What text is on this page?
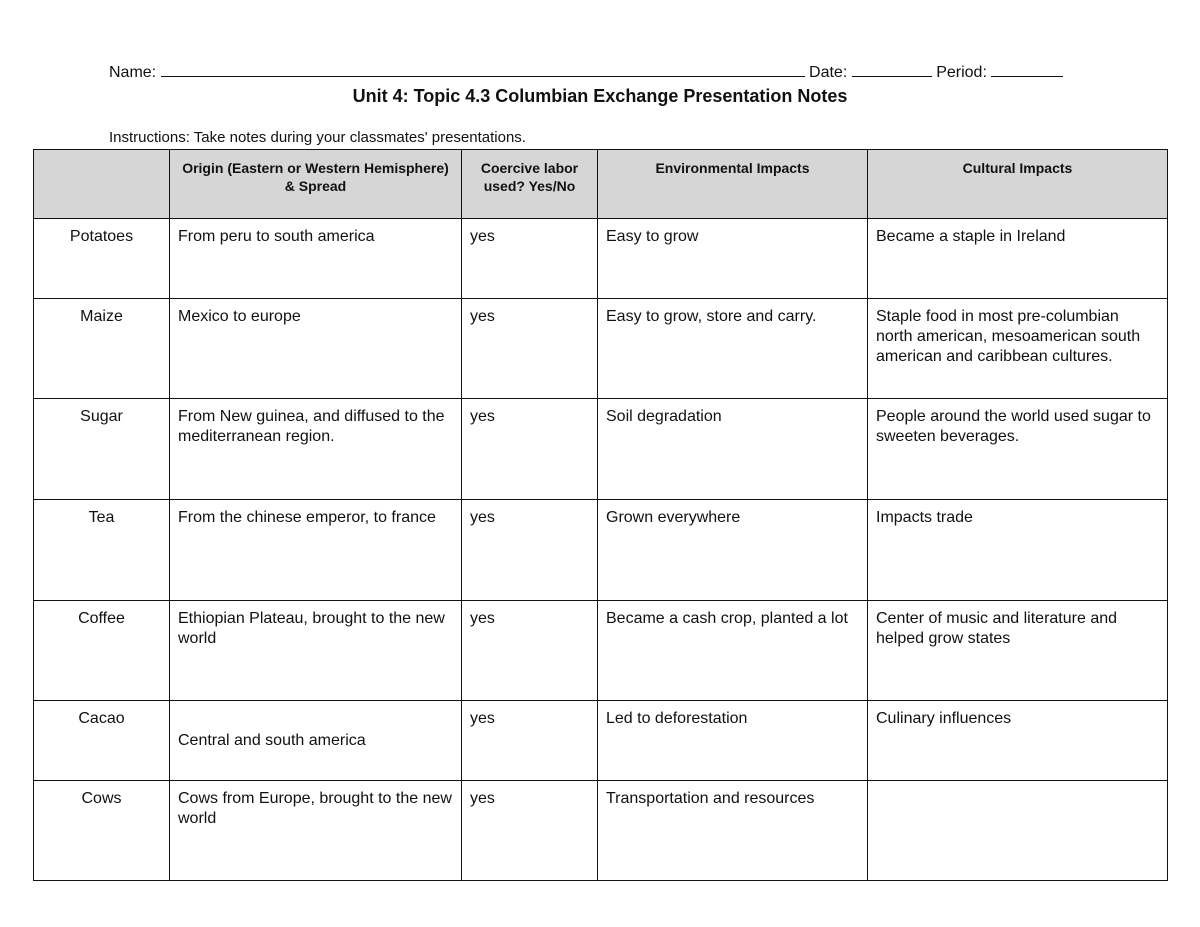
Name:	Date:	Period:
Unit 4: Topic 4.3 Columbian Exchange Presentation Notes
Instructions: Take notes during your classmates' presentations.
	Origin (Eastern or Western Hemisphere) & Spread	Coercive labor used? Yes/No	Environmental Impacts	Cultural Impacts
Potatoes	From peru to south america	yes	Easy to grow	Became a staple in Ireland
Maize	Mexico to europe	yes	Easy to grow, store and carry.	Staple food in most pre-columbian north american, mesoamerican south american and caribbean cultures.
Sugar	From New guinea, and diffused to the mediterranean region.	yes	Soil degradation	People around the world used sugar to sweeten beverages.
Tea	From the chinese emperor, to france	yes	Grown everywhere	Impacts trade
Coffee	Ethiopian Plateau, brought to the new world	yes	Became a cash crop, planted a lot	Center of music and literature and helped grow states
Cacao	Central and south america	yes	Led to deforestation	Culinary influences
Cows	Cows from Europe, brought to the new world	yes	Transportation and resources	
